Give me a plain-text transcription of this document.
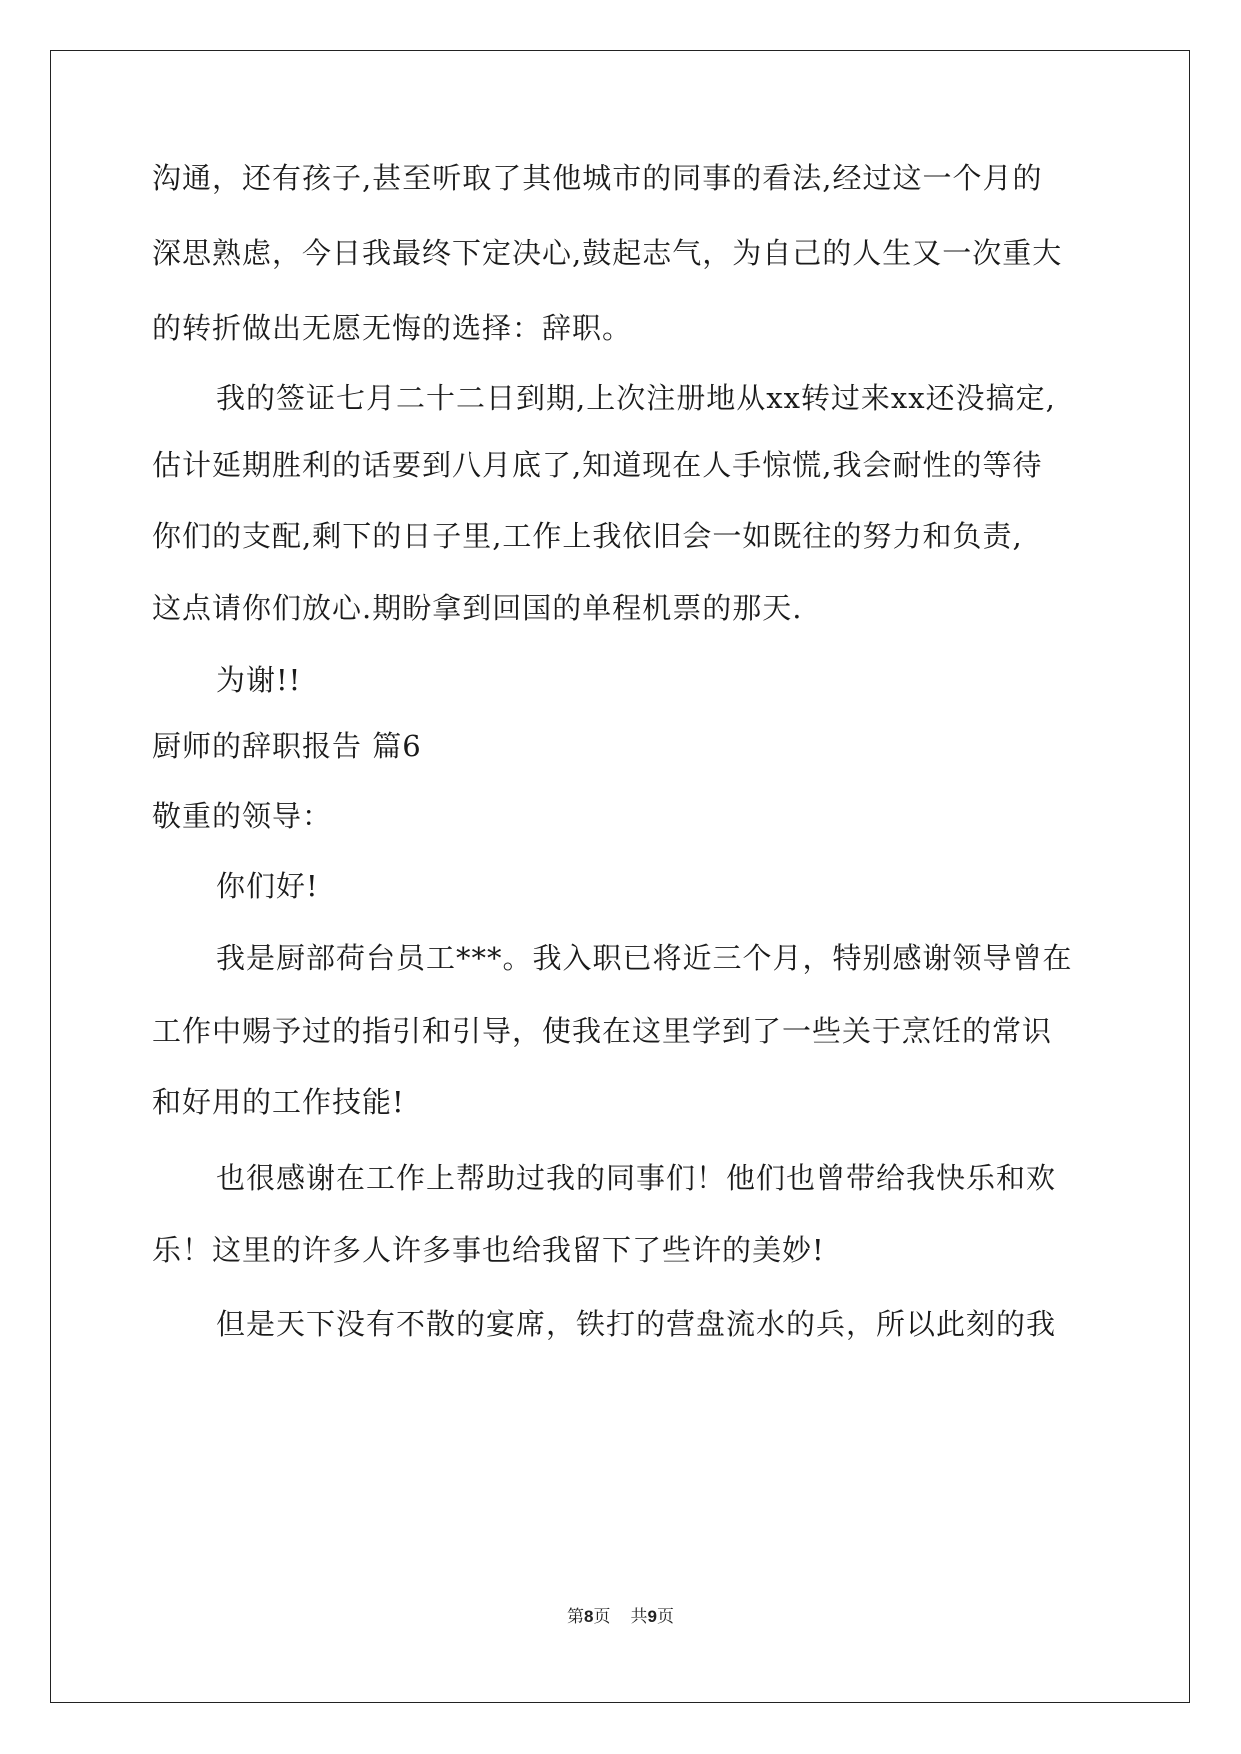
沟通，还有孩子,甚至听取了其他城市的同事的看法,经过这一个月的
深思熟虑，今日我最终下定决心,鼓起志气，为自己的人生又一次重大
的转折做出无愿无悔的选择：辞职。
我的签证七月二十二日到期,上次注册地从xx转过来xx还没搞定,
估计延期胜利的话要到八月底了,知道现在人手惊慌,我会耐性的等待
你们的支配,剩下的日子里,工作上我依旧会一如既往的努力和负责,
这点请你们放心.期盼拿到回国的单程机票的那天.
为谢!!
厨师的辞职报告 篇6
敬重的领导：
你们好!
我是厨部荷台员工***。我入职已将近三个月，特别感谢领导曾在
工作中赐予过的指引和引导，使我在这里学到了一些关于烹饪的常识
和好用的工作技能!
也很感谢在工作上帮助过我的同事们！他们也曾带给我快乐和欢
乐！这里的许多人许多事也给我留下了些许的美妙!
但是天下没有不散的宴席，铁打的营盘流水的兵，所以此刻的我
第8页 共9页
